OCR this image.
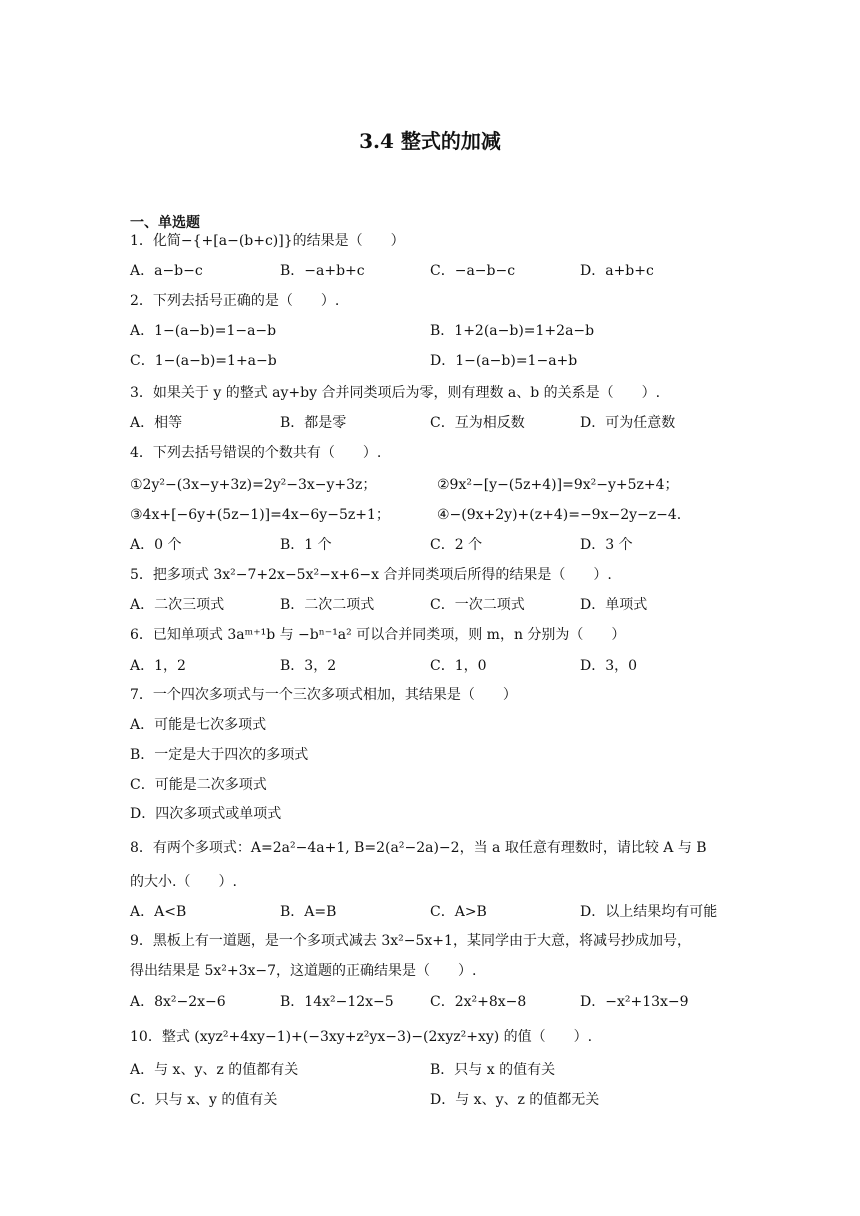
3.4 整式的加减
一、单选题
1．化简−{+[a−(b+c)]}的结果是（　　）
A．a−b−c	B．−a+b+c	C．−a−b−c	D．a+b+c
2．下列去括号正确的是（　　）.
A．1−(a−b)=1−a−b	B．1+2(a−b)=1+2a−b
C．1−(a−b)=1+a−b	D．1−(a−b)=1−a+b
3．如果关于 y 的整式 ay+by 合并同类项后为零，则有理数 a、b 的关系是（　　）.
A．相等	B．都是零	C．互为相反数	D．可为任意数
4．下列去括号错误的个数共有（　　）.
①2y²−(3x−y+3z)=2y²−3x−y+3z；	②9x²−[y−(5z+4)]=9x²−y+5z+4；
③4x+[−6y+(5z−1)]=4x−6y−5z+1；	④−(9x+2y)+(z+4)=−9x−2y−z−4.
A．0 个	B．1 个	C．2 个	D．3 个
5．把多项式 3x²−7+2x−5x²−x+6−x 合并同类项后所得的结果是（　　）.
A．二次三项式	B．二次二项式	C．一次二项式	D．单项式
6．已知单项式 3aᵐ⁺¹b 与 −bⁿ⁻¹a² 可以合并同类项，则 m，n 分别为（　　）
A．1，2	B．3，2	C．1，0	D．3，0
7．一个四次多项式与一个三次多项式相加，其结果是（　　）
A．可能是七次多项式
B．一定是大于四次的多项式
C．可能是二次多项式
D．四次多项式或单项式
8．有两个多项式：A=2a²−4a+1, B=2(a²−2a)−2，当 a 取任意有理数时，请比较 A 与 B
的大小.（　　）.
A．A<B	B．A=B	C．A>B	D．以上结果均有可能
9．黑板上有一道题，是一个多项式减去 3x²−5x+1，某同学由于大意，将减号抄成加号，
得出结果是 5x²+3x−7，这道题的正确结果是（　　）.
A．8x²−2x−6	B．14x²−12x−5	C．2x²+8x−8	D．−x²+13x−9
10．整式 (xyz²+4xy−1)+(−3xy+z²yx−3)−(2xyz²+xy) 的值（　　）.
A．与 x、y、z 的值都有关	B．只与 x 的值有关
C．只与 x、y 的值有关	D．与 x、y、z 的值都无关
